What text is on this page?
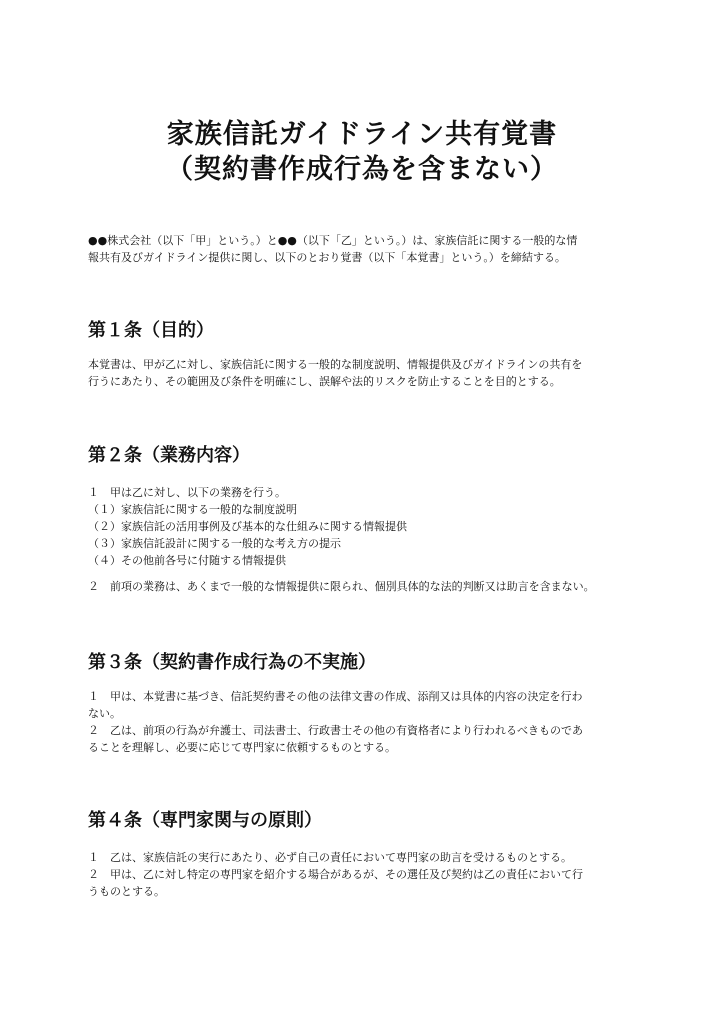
家族信託ガイドライン共有覚書
（契約書作成行為を含まない）

●●株式会社（以下「甲」という。）と●●（以下「乙」という。）は、家族信託に関する一般的な情

報共有及びガイドライン提供に関し、以下のとおり覚書（以下「本覚書」という。）を締結する。

第１条（目的）

本覚書は、甲が乙に対し、家族信託に関する一般的な制度説明、情報提供及びガイドラインの共有を

行うにあたり、その範囲及び条件を明確にし、誤解や法的リスクを防止することを目的とする。

第２条（業務内容）

１　甲は乙に対し、以下の業務を行う。

（１）家族信託に関する一般的な制度説明

（２）家族信託の活用事例及び基本的な仕組みに関する情報提供

（３）家族信託設計に関する一般的な考え方の提示

（４）その他前各号に付随する情報提供

２　前項の業務は、あくまで一般的な情報提供に限られ、個別具体的な法的判断又は助言を含まない。

第３条（契約書作成行為の不実施）

１　甲は、本覚書に基づき、信託契約書その他の法律文書の作成、添削又は具体的内容の決定を行わ

ない。

２　乙は、前項の行為が弁護士、司法書士、行政書士その他の有資格者により行われるべきものであ

ることを理解し、必要に応じて専門家に依頼するものとする。

第４条（専門家関与の原則）

１　乙は、家族信託の実行にあたり、必ず自己の責任において専門家の助言を受けるものとする。

２　甲は、乙に対し特定の専門家を紹介する場合があるが、その選任及び契約は乙の責任において行

うものとする。
